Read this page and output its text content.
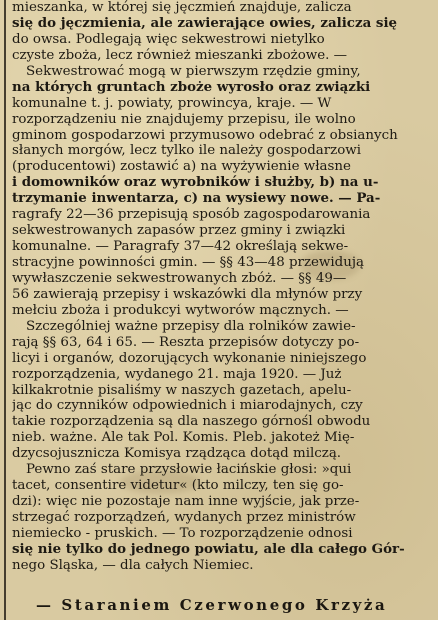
mieszanka, w której się jęczmień znajduje, zalicza
się do jęczmienia, ale zawierające owies, zalicza się
do owsa. Podlegają więc sekwestrowi nietylko
czyste zboża, lecz również mieszanki zbożowe. —
Sekwestrować mogą w pierwszym rzędzie gminy,
na których gruntach zboże wyrosło oraz związki
komunalne t. j. powiaty, prowincya, kraje. — W
rozporządzeniu nie znajdujemy przepisu, ile wolno
gminom gospodarzowi przymusowo odebrać z obsianych
słanych morgów, lecz tylko ile należy gospodarzowi
(producentowi) zostawić a) na wyżywienie własne
i domowników oraz wyrobników i służby, b) na u-
trzymanie inwentarza, c) na wysiewy nowe. — Pa-
ragrafy 22—36 przepisują sposób zagospodarowania
sekwestrowanych zapasów przez gminy i związki
komunalne. — Paragrafy 37—42 określają sekwe-
stracyjne powinności gmin. — §§ 43—48 przewidują
wywłaszczenie sekwestrowanych zbóż. — §§ 49—
56 zawierają przepisy i wskazówki dla młynów przy
mełciu zboża i produkcyi wytworów mącznych. —
Szczególniej ważne przepisy dla rolników zawie-
rają §§ 63, 64 i 65. — Reszta przepisów dotyczy po-
licyi i organów, dozorujących wykonanie niniejszego
rozporządzenia, wydanego 21. maja 1920. — Już
kilkakrotnie pisaliśmy w naszych gazetach, apelu-
jąc do czynników odpowiednich i miarodajnych, czy
takie rozporządzenia są dla naszego górnośl obwodu
nieb. ważne. Ale tak Pol. Komis. Pleb. jakoteż Mię-
dzycsojusznicza Komisya rządząca dotąd milczą.
Pewno zaś stare przysłowie łacińskie głosi: »qui
tacet, consentire videtur« (kto milczy, ten się go-
dzi): więc nie pozostaje nam inne wyjście, jak prze-
strzegać rozporządzeń, wydanych przez ministrów
niemiecko - pruskich. — To rozporządzenie odnosi
się nie tylko do jednego powiatu, ale dla całego Gór-
nego Śląska, — dla całych Niemiec.
— Staraniem Czerwonego Krzyża
